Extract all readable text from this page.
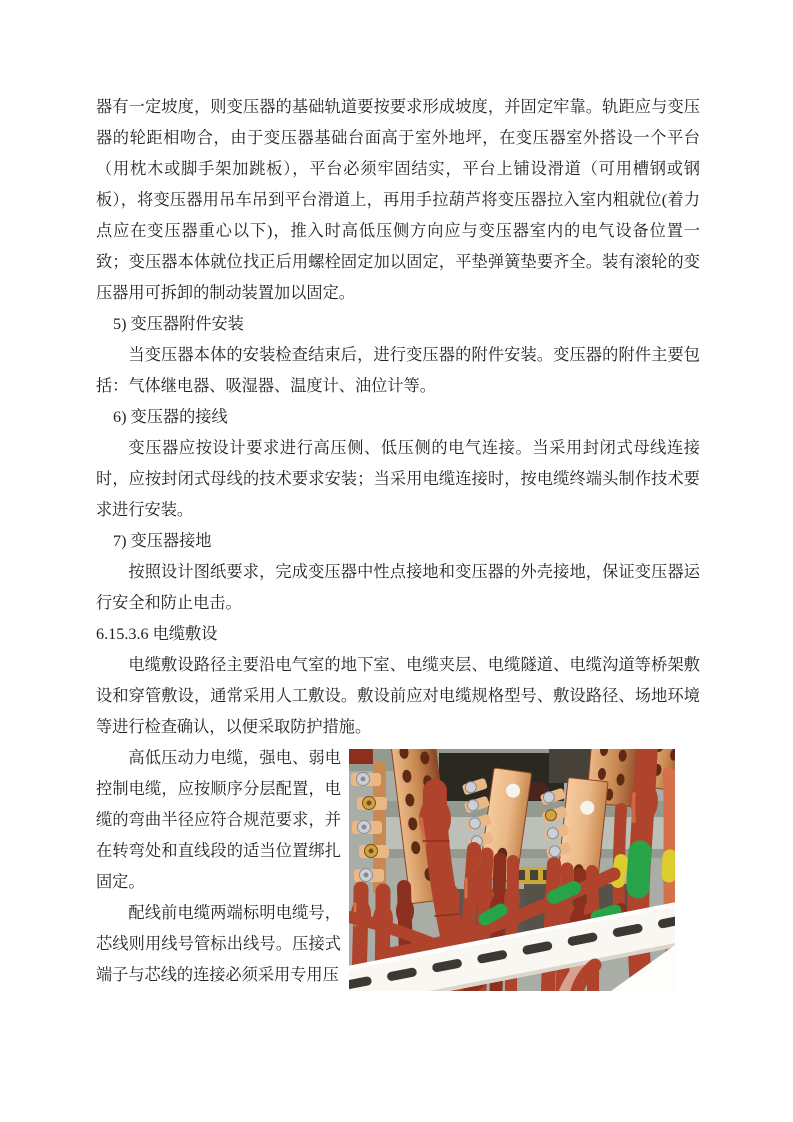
器有一定坡度，则变压器的基础轨道要按要求形成坡度，并固定牢靠。轨距应与变压器的轮距相吻合，由于变压器基础台面高于室外地坪，在变压器室外搭设一个平台（用枕木或脚手架加跳板），平台必须牢固结实，平台上铺设滑道（可用槽钢或钢板），将变压器用吊车吊到平台滑道上，再用手拉葫芦将变压器拉入室内粗就位(着力点应在变压器重心以下)，推入时高低压侧方向应与变压器室内的电气设备位置一致；变压器本体就位找正后用螺栓固定加以固定，平垫弹簧垫要齐全。装有滚轮的变压器用可拆卸的制动装置加以固定。

5) 变压器附件安装

当变压器本体的安装检查结束后，进行变压器的附件安装。变压器的附件主要包括：气体继电器、吸湿器、温度计、油位计等。

6) 变压器的接线

变压器应按设计要求进行高压侧、低压侧的电气连接。当采用封闭式母线连接时，应按封闭式母线的技术要求安装；当采用电缆连接时，按电缆终端头制作技术要求进行安装。

7) 变压器接地

按照设计图纸要求，完成变压器中性点接地和变压器的外壳接地，保证变压器运行安全和防止电击。

6.15.3.6 电缆敷设

电缆敷设路径主要沿电气室的地下室、电缆夹层、电缆隧道、电缆沟道等桥架敷设和穿管敷设，通常采用人工敷设。敷设前应对电缆规格型号、敷设路径、场地环境等进行检查确认，以便采取防护措施。

高低压动力电缆，强电、弱电控制电缆，应按顺序分层配置，电缆的弯曲半径应符合规范要求，并在转弯处和直线段的适当位置绑扎固定。

配线前电缆两端标明电缆号，芯线则用线号管标出线号。压接式端子与芯线的连接必须采用专用压
